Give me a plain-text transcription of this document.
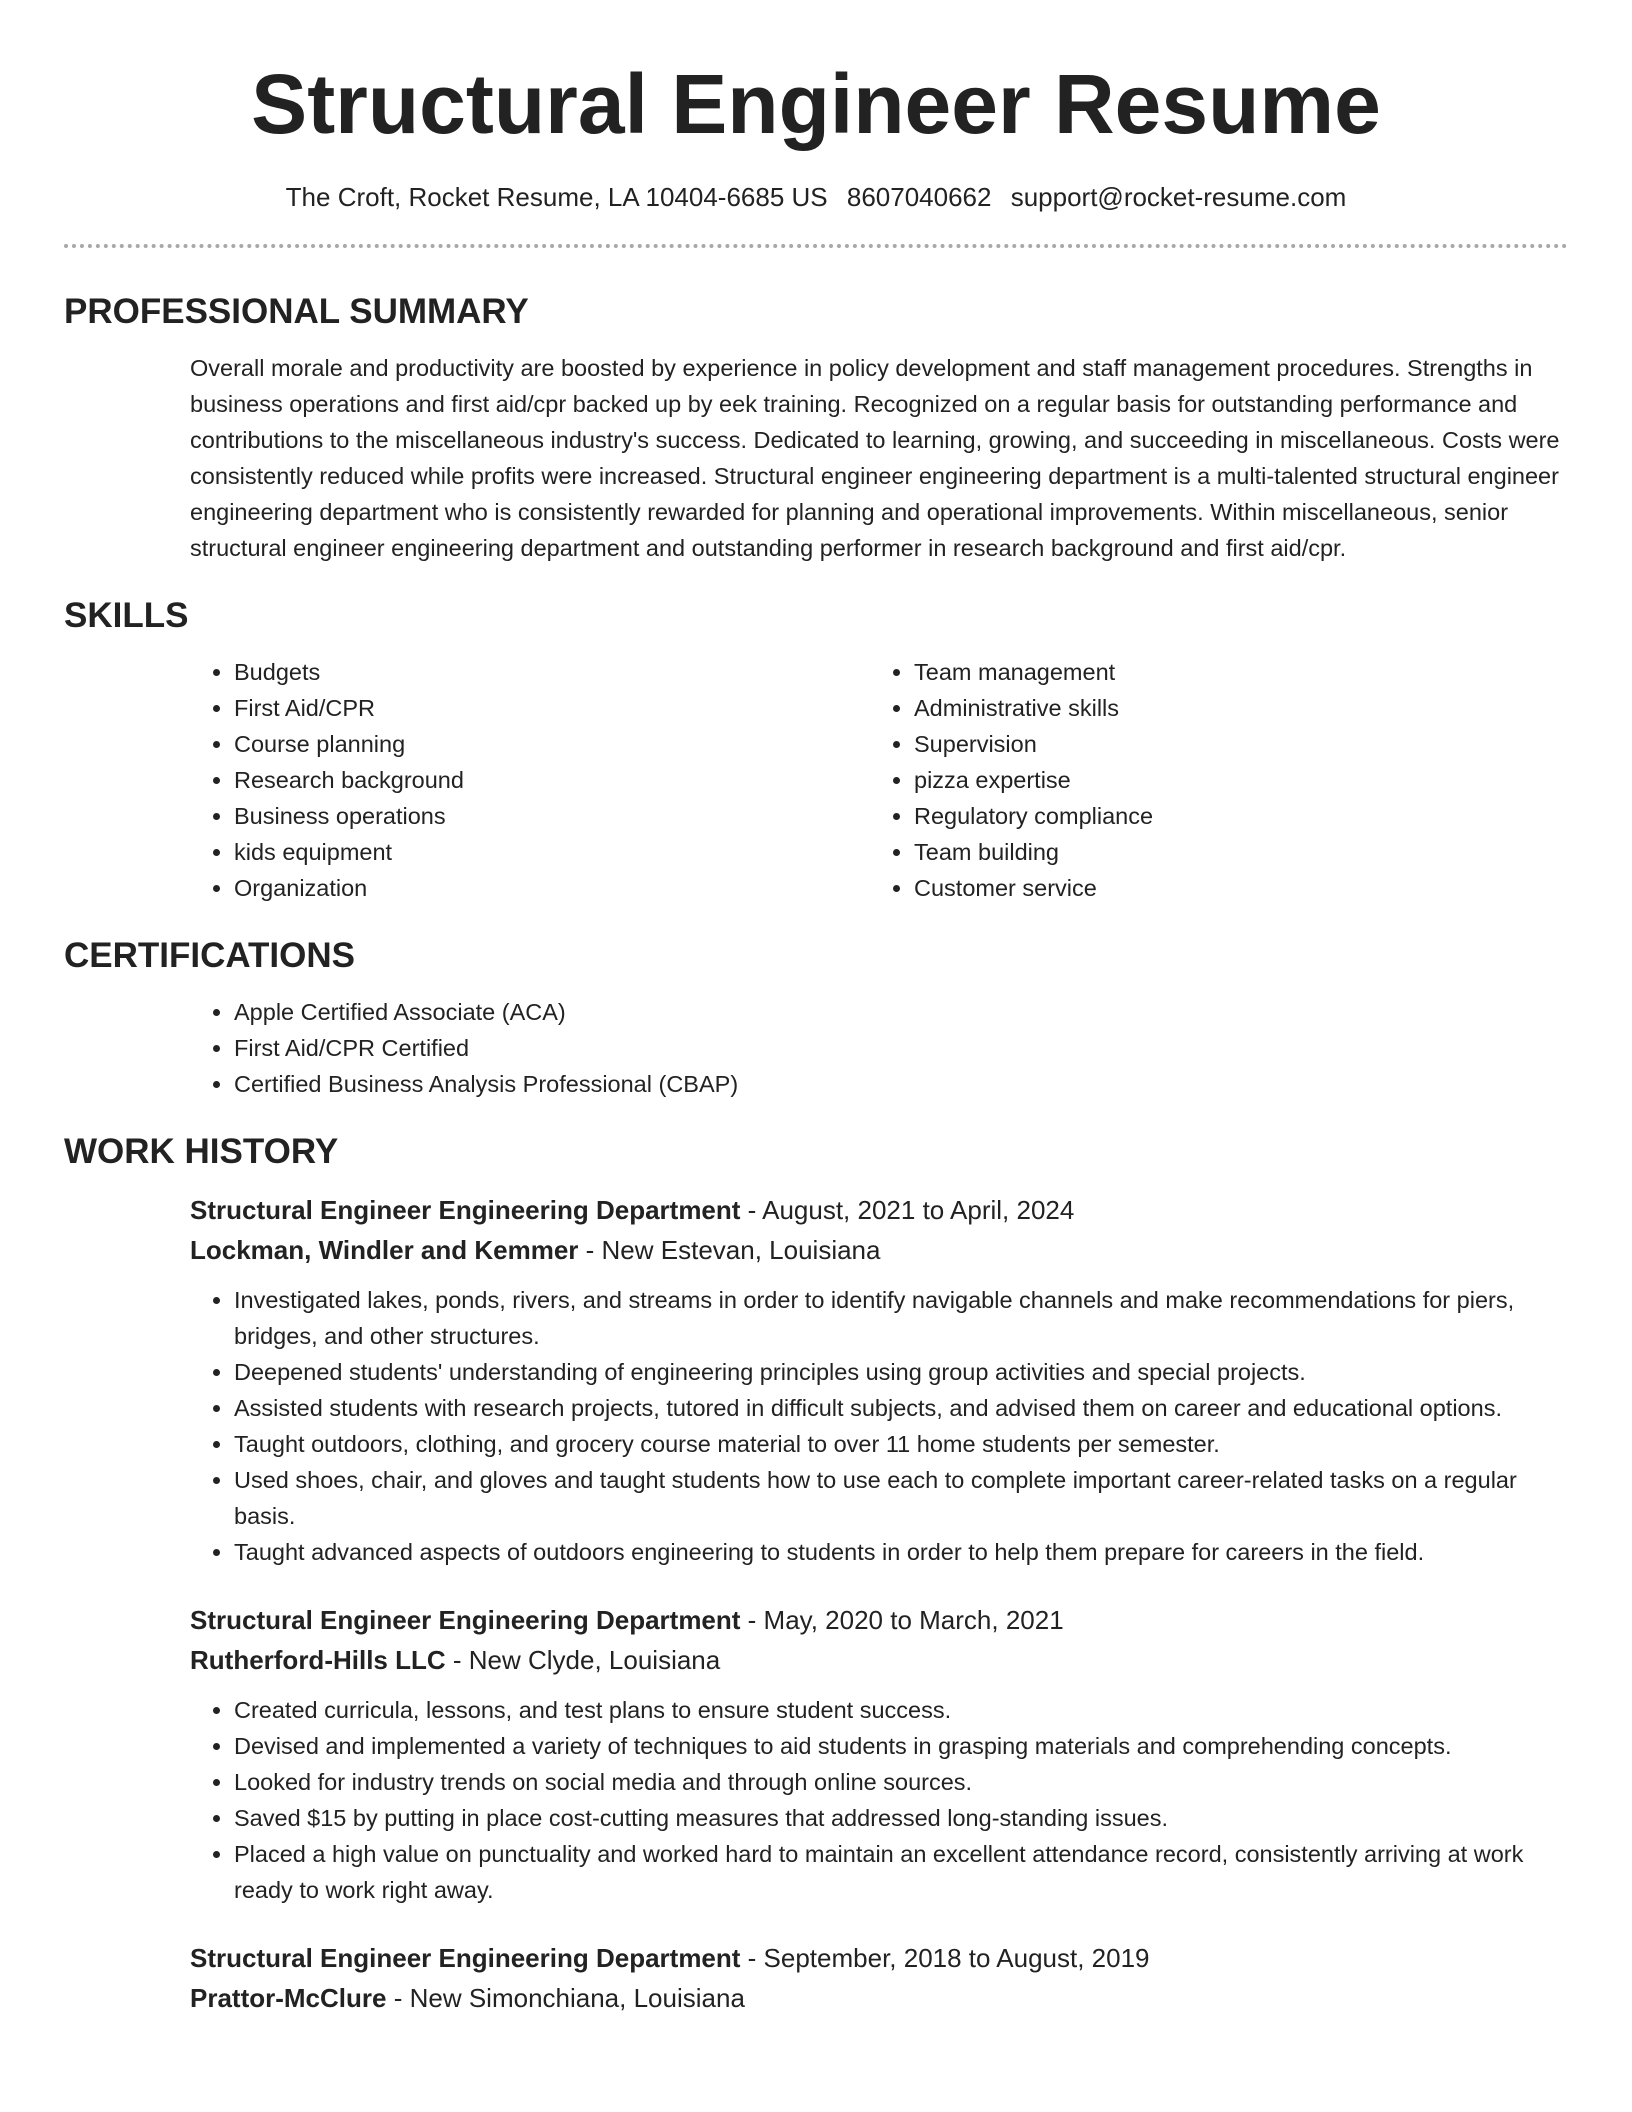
Structural Engineer Resume
The Croft, Rocket Resume, LA 10404-6685 US 8607040662 support@rocket-resume.com
PROFESSIONAL SUMMARY

Overall morale and productivity are boosted by experience in policy development and staff management procedures. Strengths in business operations and first aid/cpr backed up by eek training. Recognized on a regular basis for outstanding performance and contributions to the miscellaneous industry's success. Dedicated to learning, growing, and succeeding in miscellaneous. Costs were consistently reduced while profits were increased. Structural engineer engineering department is a multi-talented structural engineer engineering department who is consistently rewarded for planning and operational improvements. Within miscellaneous, senior structural engineer engineering department and outstanding performer in research background and first aid/cpr.

SKILLS
• Budgets
• First Aid/CPR
• Course planning
• Research background
• Business operations
• kids equipment
• Organization
• Team management
• Administrative skills
• Supervision
• pizza expertise
• Regulatory compliance
• Team building
• Customer service
CERTIFICATIONS
• Apple Certified Associate (ACA)
• First Aid/CPR Certified
• Certified Business Analysis Professional (CBAP)
WORK HISTORY
Structural Engineer Engineering Department - August, 2021 to April, 2024
Lockman, Windler and Kemmer - New Estevan, Louisiana
• Investigated lakes, ponds, rivers, and streams in order to identify navigable channels and make recommendations for piers, bridges, and other structures.
• Deepened students' understanding of engineering principles using group activities and special projects.
• Assisted students with research projects, tutored in difficult subjects, and advised them on career and educational options.
• Taught outdoors, clothing, and grocery course material to over 11 home students per semester.
• Used shoes, chair, and gloves and taught students how to use each to complete important career-related tasks on a regular basis.
• Taught advanced aspects of outdoors engineering to students in order to help them prepare for careers in the field.
Structural Engineer Engineering Department - May, 2020 to March, 2021
Rutherford-Hills LLC - New Clyde, Louisiana
• Created curricula, lessons, and test plans to ensure student success.
• Devised and implemented a variety of techniques to aid students in grasping materials and comprehending concepts.
• Looked for industry trends on social media and through online sources.
• Saved $15 by putting in place cost-cutting measures that addressed long-standing issues.
• Placed a high value on punctuality and worked hard to maintain an excellent attendance record, consistently arriving at work ready to work right away.
Structural Engineer Engineering Department - September, 2018 to August, 2019
Prattor-McClure - New Simonchiana, Louisiana
